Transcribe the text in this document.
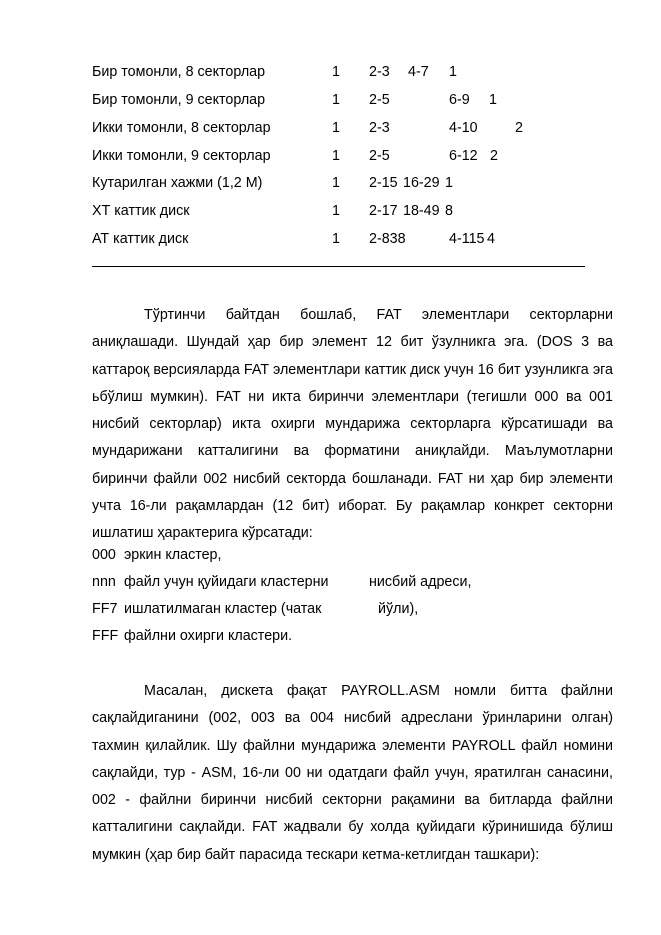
Бир томонли, 8 секторлар	1 2-3 4-7 1
Бир томонли, 9 секторлар	1 2-5	6-9 1
Икки томонли, 8 секторлар	1 2-3	4-10	2
Икки томонли, 9 секторлар	1 2-5	6-12 2
Кутарилган хажми (1,2 М)	1 2-15 16-29 1
ХТ каттик диск	1 2-17 18-49 8
АТ каттик диск	1 2-838	4-115 4

Тўртинчи байтдан бошлаб, FAT элементлари секторларни аниқлашади. Шундай ҳар бир элемент 12 бит ўзулникга эга. (DOS 3 ва каттароқ версияларда FAT элементлари каттик диск учун 16 бит узунликга эга ьбўлиш мумкин). FAT ни икта биринчи элементлари (тегишли 000 ва 001 нисбий секторлар) икта охирги мундарижа секторларга кўрсатишади ва мундарижани катталигини ва форматини аниқлайди. Маълумотларни биринчи файли 002 нисбий секторда бошланади. FAT ни ҳар бир элементи учта 16-ли рақамлардан (12 бит) иборат. Бу рақамлар конкрет секторни ишлатиш ҳарактерига кўрсатади:

000 эркин кластер,
nnn файл учун қуйидаги кластерни	нисбий адреси,
FF7 ишлатилмаган кластер (чатак	йўли),
FFF файлни охирги кластери.

Масалан, дискета фақат PAYROLL.ASM номли битта файлни сақлайдиганини (002, 003 ва 004 нисбий адреслани ўринларини олган) тахмин қилайлик. Шу файлни мундарижа элементи PAYROLL файл номини сақлайди, тур - ASM, 16-ли 00 ни одатдаги файл учун, яратилган санасини, 002 - файлни биринчи нисбий секторни рақамини ва битларда файлни катталигини сақлайди. FAT жадвали бу холда қуйидаги кўринишида бўлиш мумкин (ҳар бир байт парасида тескари кетма-кетлигдан ташкари):
